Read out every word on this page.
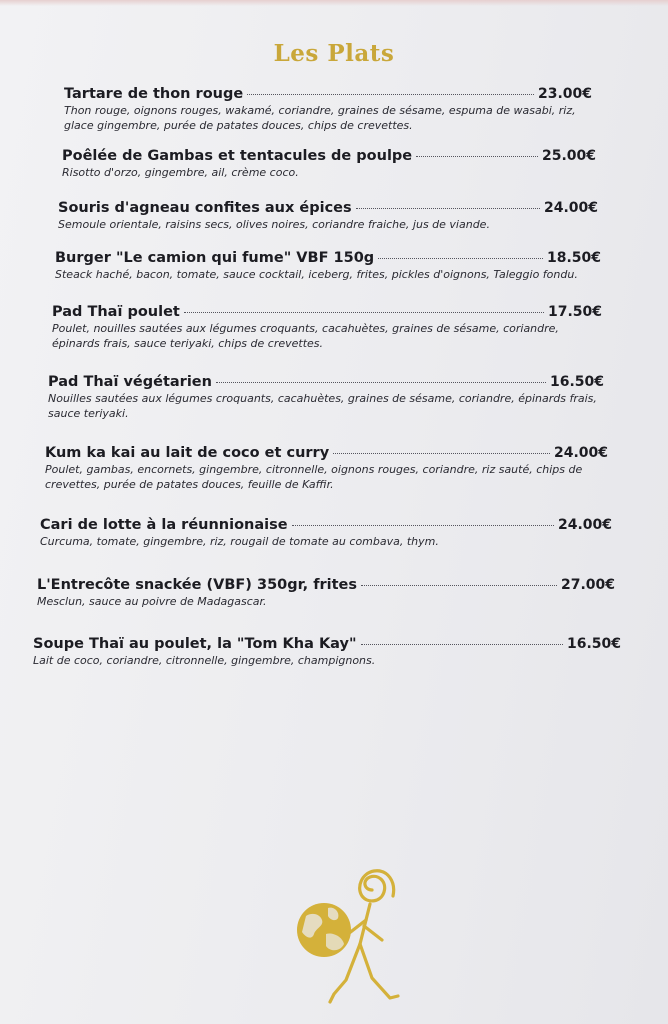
Les Plats
Tartare de thon rouge	23.00€
Thon rouge, oignons rouges, wakamé, coriandre, graines de sésame, espuma de wasabi, riz, glace gingembre, purée de patates douces, chips de crevettes.
Poêlée de Gambas et tentacules de poulpe	25.00€
Risotto d'orzo, gingembre, ail, crème coco.
Souris d'agneau confites aux épices	24.00€
Semoule orientale, raisins secs, olives noires, coriandre fraiche, jus de viande.
Burger "Le camion qui fume" VBF 150g	18.50€
Steack haché, bacon, tomate, sauce cocktail, iceberg, frites, pickles d'oignons, Taleggio fondu.
Pad Thaï poulet	17.50€
Poulet, nouilles sautées aux légumes croquants, cacahuètes, graines de sésame, coriandre, épinards frais, sauce teriyaki, chips de crevettes.
Pad Thaï végétarien	16.50€
Nouilles sautées aux légumes croquants, cacahuètes, graines de sésame, coriandre, épinards frais, sauce teriyaki.
Kum ka kai au lait de coco et curry	24.00€
Poulet, gambas, encornets, gingembre, citronnelle, oignons rouges, coriandre, riz sauté, chips de crevettes, purée de patates douces, feuille de Kaffir.
Cari de lotte à la réunnionaise	24.00€
Curcuma, tomate, gingembre, riz, rougail de tomate au combava, thym.
L'Entrecôte snackée (VBF) 350gr, frites	27.00€
Mesclun, sauce au poivre de Madagascar.
Soupe Thaï au poulet, la "Tom Kha Kay"	16.50€
Lait de coco, coriandre, citronnelle, gingembre, champignons.
